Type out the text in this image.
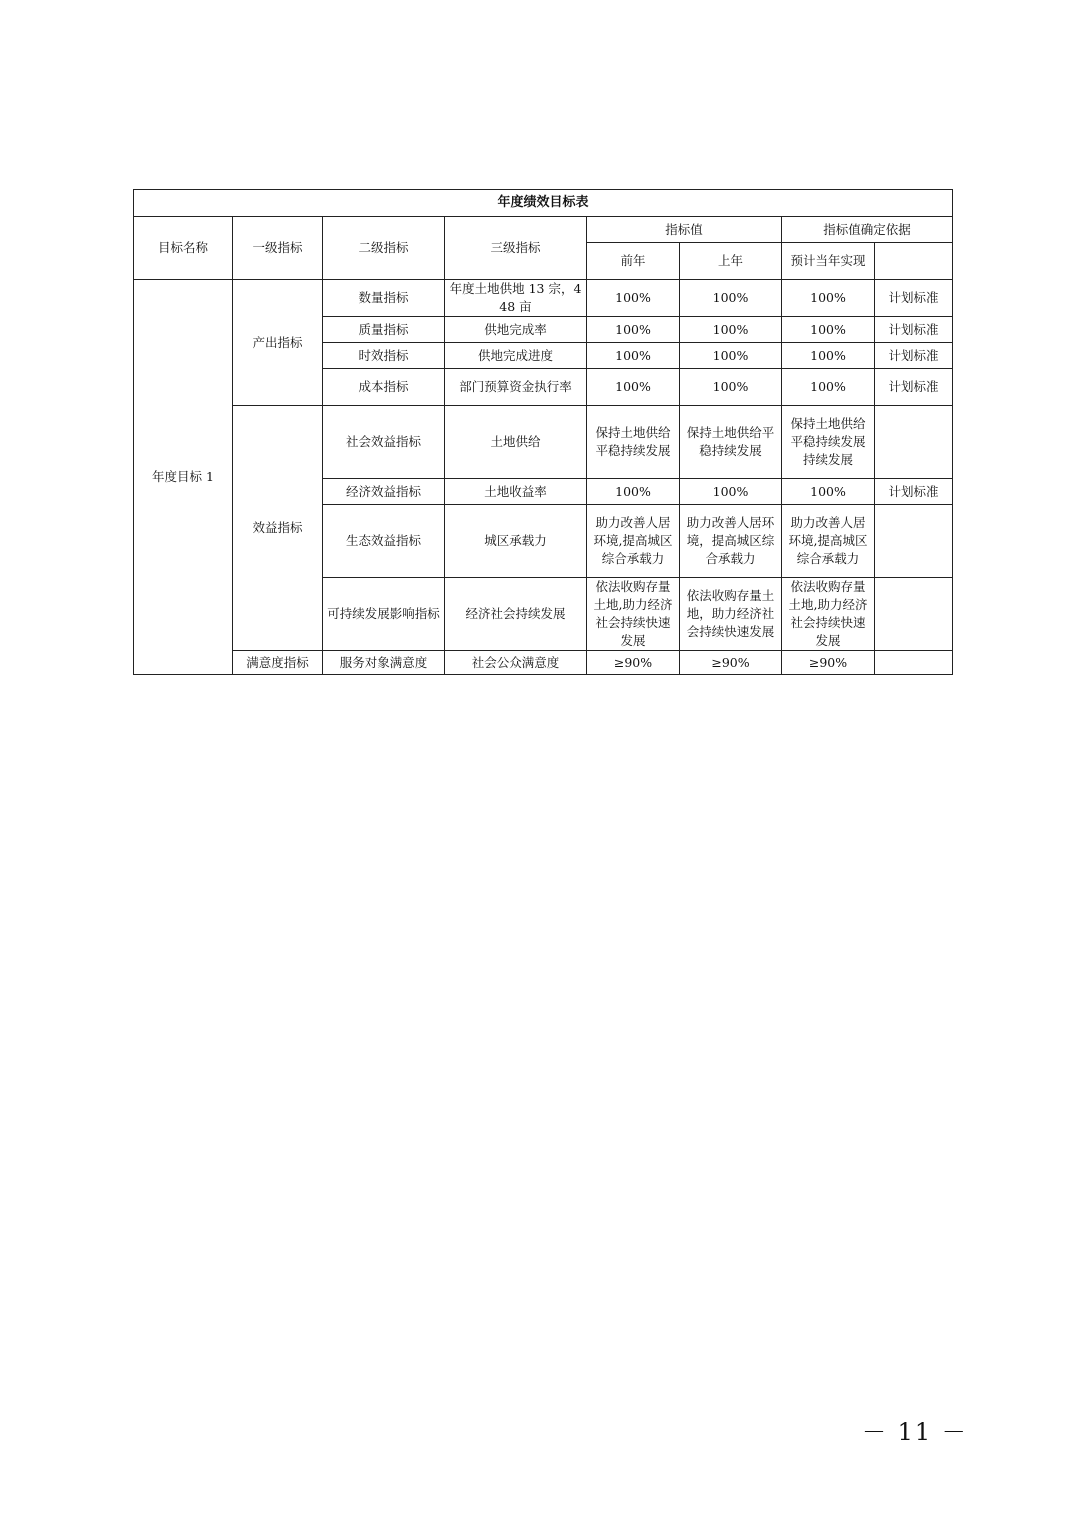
年度绩效目标表							
目标名称	一级指标	二级指标	三级指标	指标值		指标值确定依据	
				前年	上年	预计当年实现	
年度目标 1	产出指标	数量指标	年度土地供地 13 宗，448 亩	100%	100%	100%	计划标准
		质量指标	供地完成率	100%	100%	100%	计划标准
		时效指标	供地完成进度	100%	100%	100%	计划标准
		成本指标	部门预算资金执行率	100%	100%	100%	计划标准
	效益指标	社会效益指标	土地供给	保持土地供给平稳持续发展	保持土地供给平稳持续发展	保持土地供给平稳持续发展持续发展	
		经济效益指标	土地收益率	100%	100%	100%	计划标准
		生态效益指标	城区承载力	助力改善人居环境,提高城区综合承载力	助力改善人居环境，提高城区综合承载力	助力改善人居环境,提高城区综合承载力	
		可持续发展影响指标	经济社会持续发展	依法收购存量土地,助力经济社会持续快速发展	依法收购存量土地，助力经济社会持续快速发展	依法收购存量土地,助力经济社会持续快速发展	
	满意度指标	服务对象满意度	社会公众满意度	≥90%	≥90%	≥90%	
－ 11 －
